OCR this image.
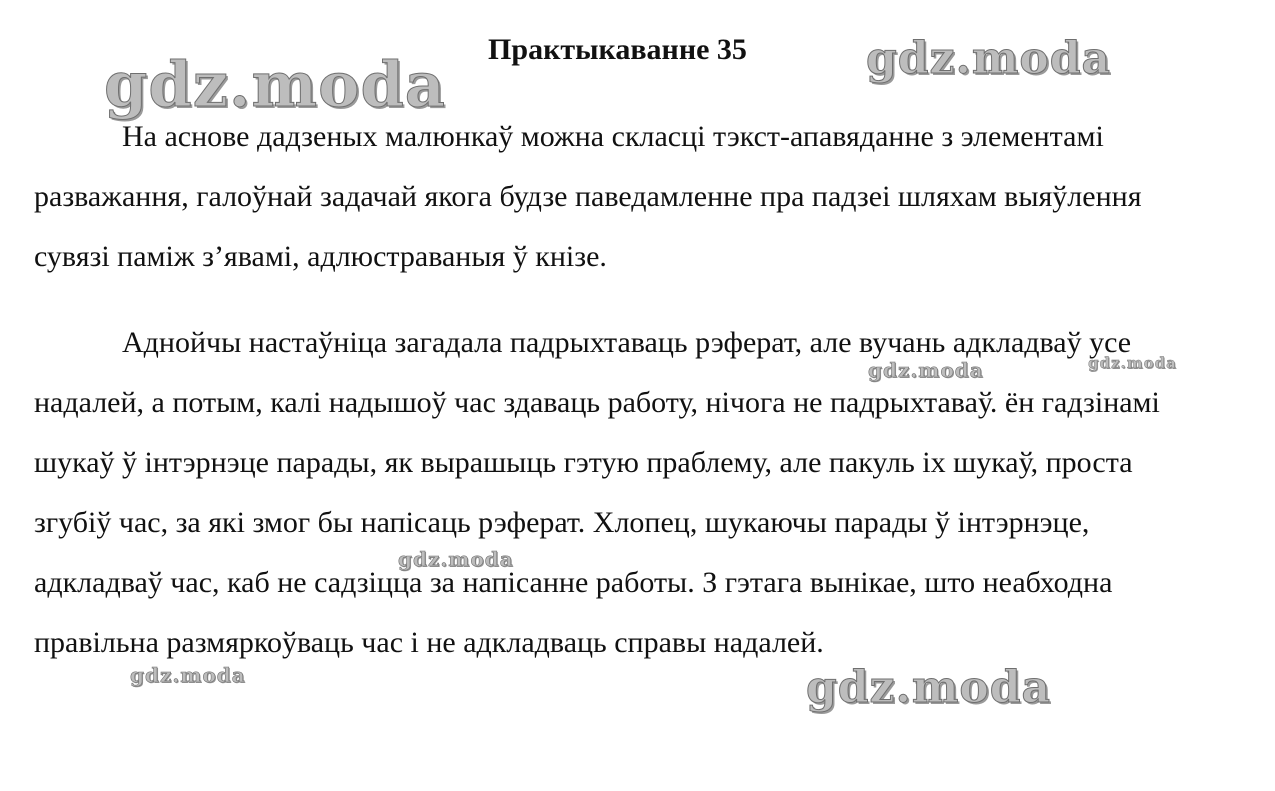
Практыкаванне 35

На аснове дадзеных малюнкаў можна скласці тэкст-апавяданне з элементамі разважання, галоўнай задачай якога будзе паведамленне пра падзеі шляхам выяўлення сувязі паміж з’явамі, адлюстраваныя ў кнізе.

Аднойчы настаўніца загадала падрыхтаваць рэферат, але вучань адкладваў усе надалей, а потым, калі надышоў час здаваць работу, нічога не падрыхтаваў. ён гадзінамі шукаў ў інтэрнэце парады, як вырашыць гэтую праблему, але пакуль іх шукаў, проста згубіў час, за які змог бы напісаць рэферат. Хлопец, шукаючы парады ў інтэрнэце, адкладваў час, каб не садзіцца за напісанне работы. З гэтага вынікае, што неабходна правільна размяркоўваць час і не адкладваць справы надалей.

gdz.moda	gdz.moda
gdz.moda	gdz.moda
gdz.moda
gdz.moda	gdz.moda
